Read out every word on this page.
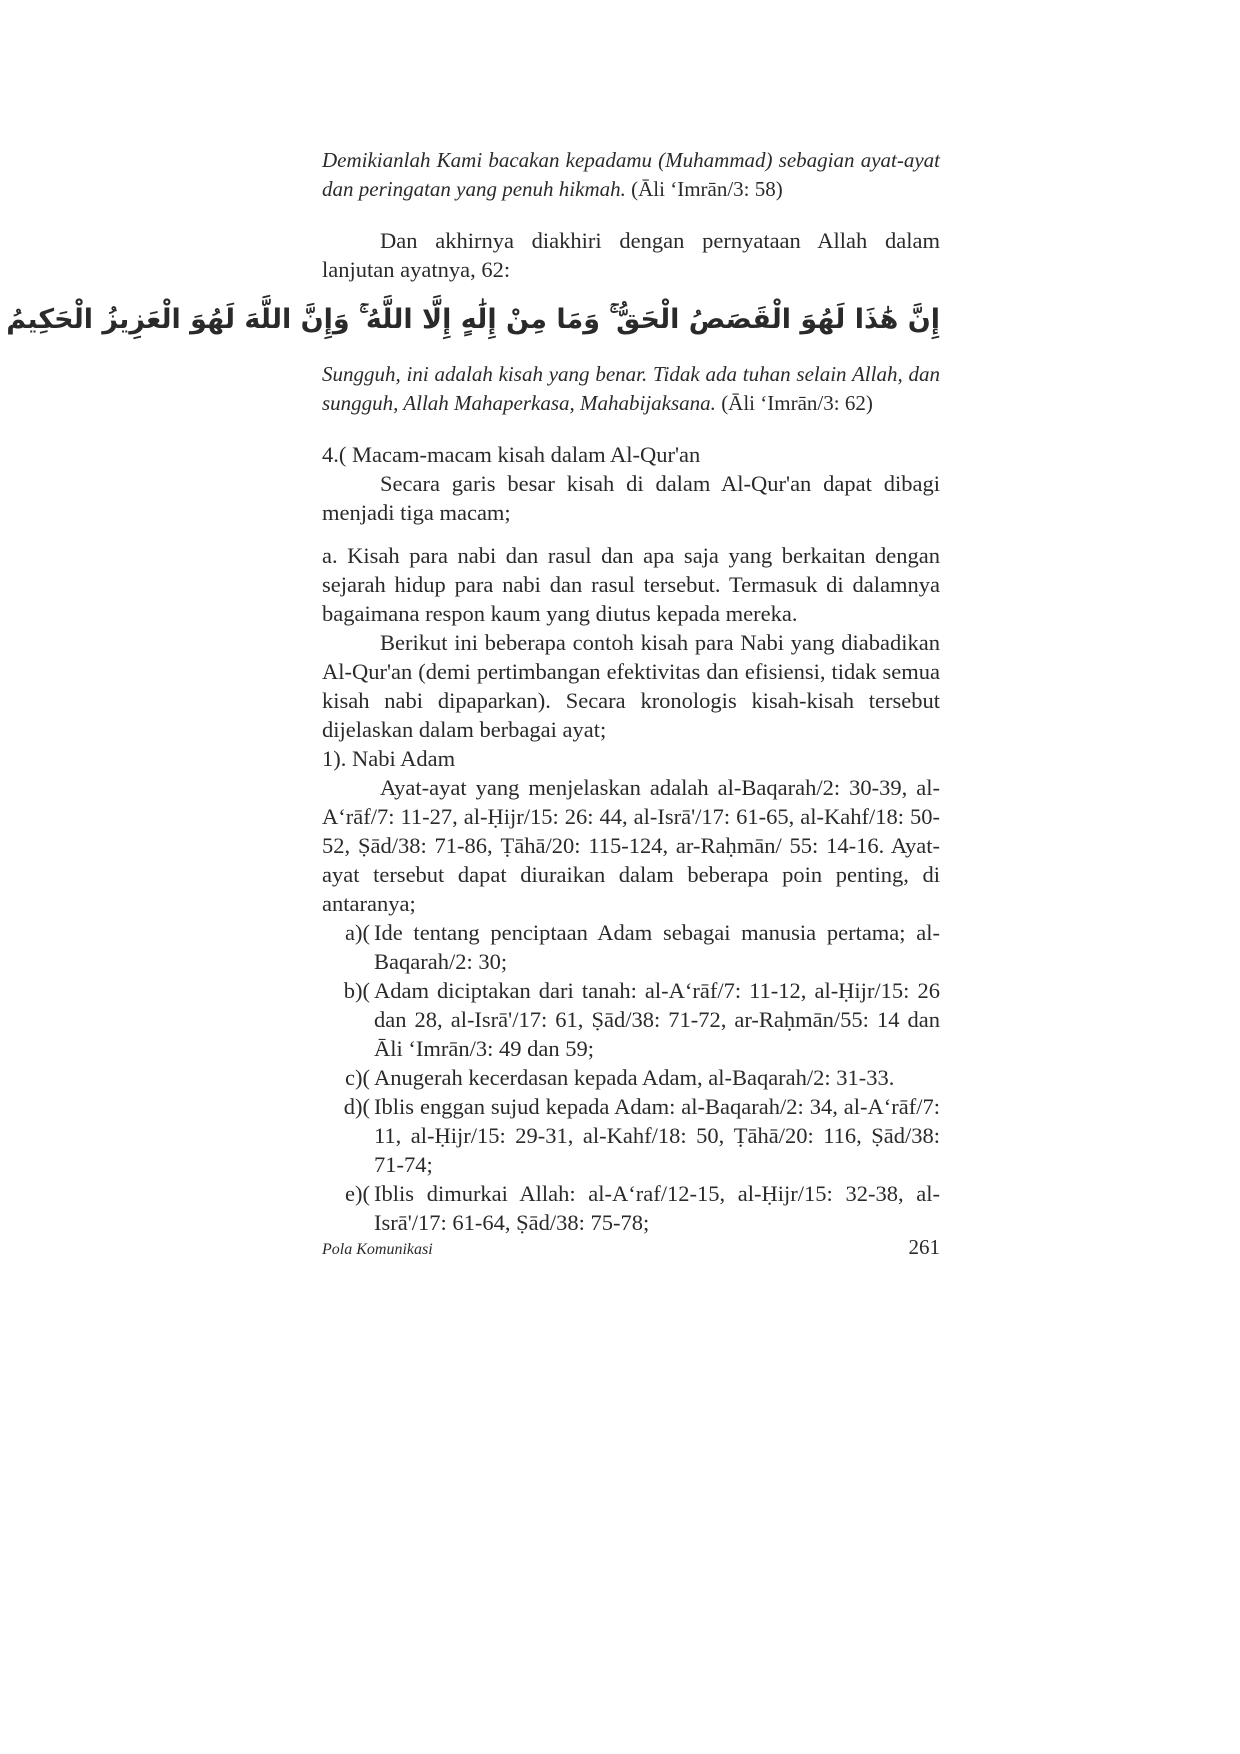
Demikianlah Kami bacakan kepadamu (Muhammad) sebagian ayat-ayat dan peringatan yang penuh hikmah. (Āli ‘Imrān/3: 58)

Dan akhirnya diakhiri dengan pernyataan Allah dalam lanjutan ayatnya, 62:

إِنَّ هَٰذَا لَهُوَ الْقَصَصُ الْحَقُّ ۚ وَمَا مِنْ إِلَٰهٍ إِلَّا اللَّهُ ۚ وَإِنَّ اللَّهَ لَهُوَ الْعَزِيزُ الْحَكِيمُ

Sungguh, ini adalah kisah yang benar. Tidak ada tuhan selain Allah, dan sungguh, Allah Mahaperkasa, Mahabijaksana. (Āli ‘Imrān/3: 62)

4.( Macam-macam kisah dalam Al-Qur'an

Secara garis besar kisah di dalam Al-Qur'an dapat dibagi menjadi tiga macam;

a. Kisah para nabi dan rasul dan apa saja yang berkaitan dengan sejarah hidup para nabi dan rasul tersebut. Termasuk di dalamnya bagaimana respon kaum yang diutus kepada mereka.

Berikut ini beberapa contoh kisah para Nabi yang diabadikan Al-Qur'an (demi pertimbangan efektivitas dan efisiensi, tidak semua kisah nabi dipaparkan). Secara kronologis kisah-kisah tersebut dijelaskan dalam berbagai ayat;

1). Nabi Adam

Ayat-ayat yang menjelaskan adalah al-Baqarah/2: 30-39, al-A‘rāf/7: 11-27, al-Ḥijr/15: 26: 44, al-Isrā'/17: 61-65, al-Kahf/18: 50-52, Ṣād/38: 71-86, Ṭāhā/20: 115-124, ar-Raḥmān/ 55: 14-16. Ayat-ayat tersebut dapat diuraikan dalam beberapa poin penting, di antaranya;

a)( Ide tentang penciptaan Adam sebagai manusia pertama; al-Baqarah/2: 30;
b)( Adam diciptakan dari tanah: al-A‘rāf/7: 11-12, al-Ḥijr/15: 26 dan 28, al-Isrā'/17: 61, Ṣād/38: 71-72, ar-Raḥmān/55: 14 dan Āli ‘Imrān/3: 49 dan 59;
c)( Anugerah kecerdasan kepada Adam, al-Baqarah/2: 31-33.
d)( Iblis enggan sujud kepada Adam: al-Baqarah/2: 34, al-A‘rāf/7: 11, al-Ḥijr/15: 29-31, al-Kahf/18: 50, Ṭāhā/20: 116, Ṣād/38: 71-74;
e)( Iblis dimurkai Allah: al-A‘raf/12-15, al-Ḥijr/15: 32-38, al-Isrā'/17: 61-64, Ṣād/38: 75-78;
Pola Komunikasi	261
